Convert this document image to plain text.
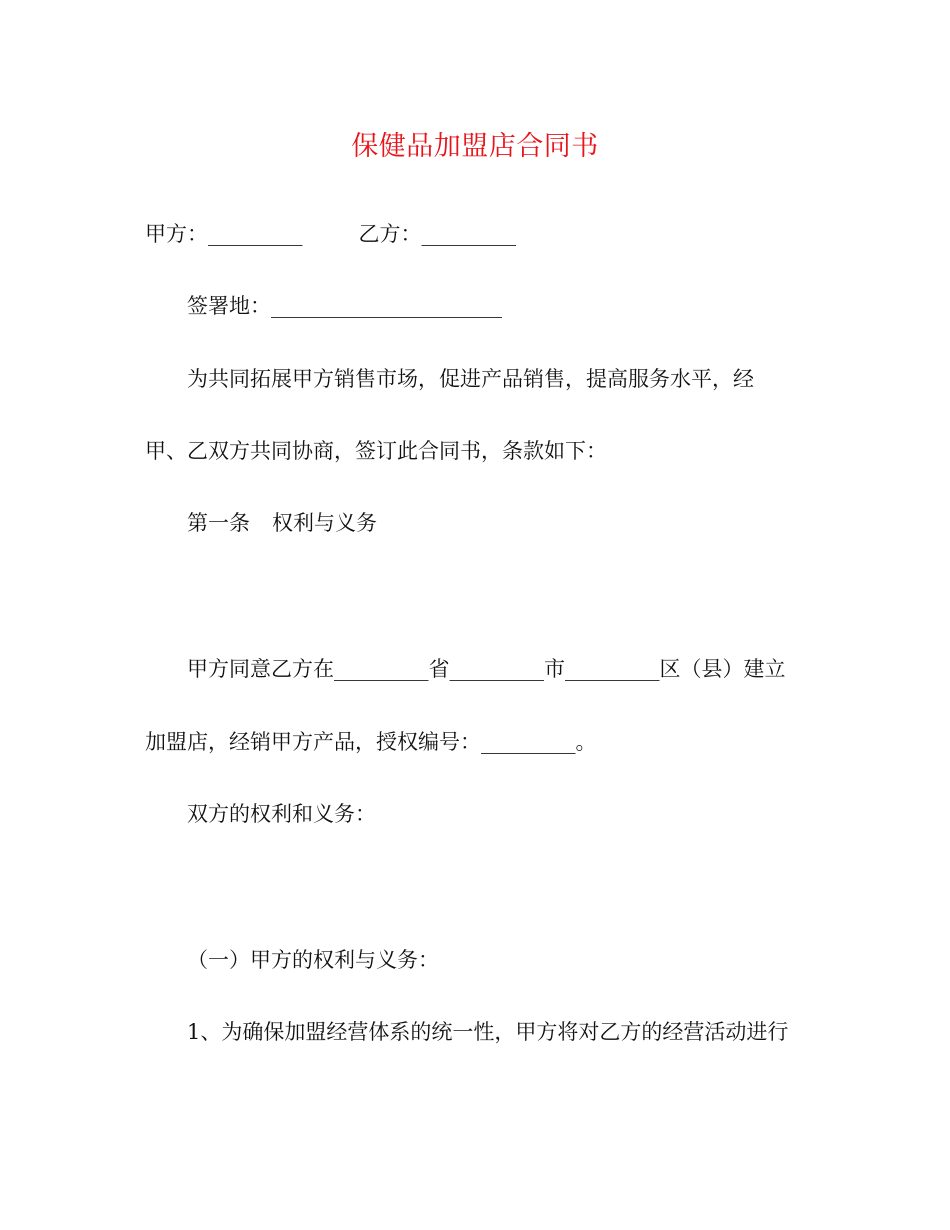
保健品加盟店合同书
甲方：_________	乙方：_________
签署地：______________________
为共同拓展甲方销售市场，促进产品销售，提高服务水平，经
甲、乙双方共同协商，签订此合同书，条款如下：
第一条 权利与义务
甲方同意乙方在_________省_________市_________区（县）建立
加盟店，经销甲方产品，授权编号：_________。
双方的权利和义务：
（一）甲方的权利与义务：
1、为确保加盟经营体系的统一性，甲方将对乙方的经营活动进行
